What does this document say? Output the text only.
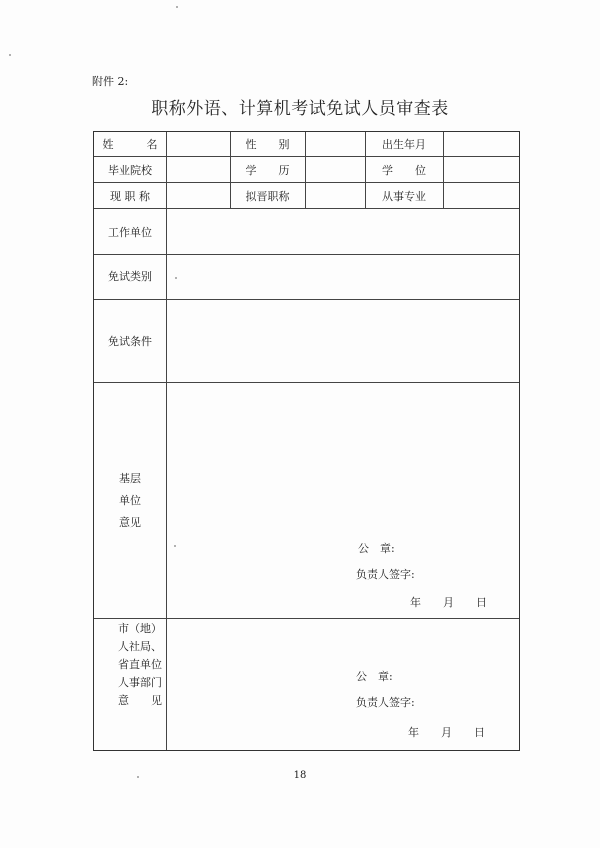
附件 2:
职称外语、计算机考试免试人员审查表
姓　　　名	性　　别	出生年月
毕业院校	学　　历	学　　位
现 职 称	拟晋职称	从事专业
工作单位
免试类别
免试条件
基层
单位
意见
公　章:
负责人签字:
年　　月　　日
市（地）
人社局、
省直单位
人事部门
意　　见
公　章:
负责人签字:
年　　月　　日
18
